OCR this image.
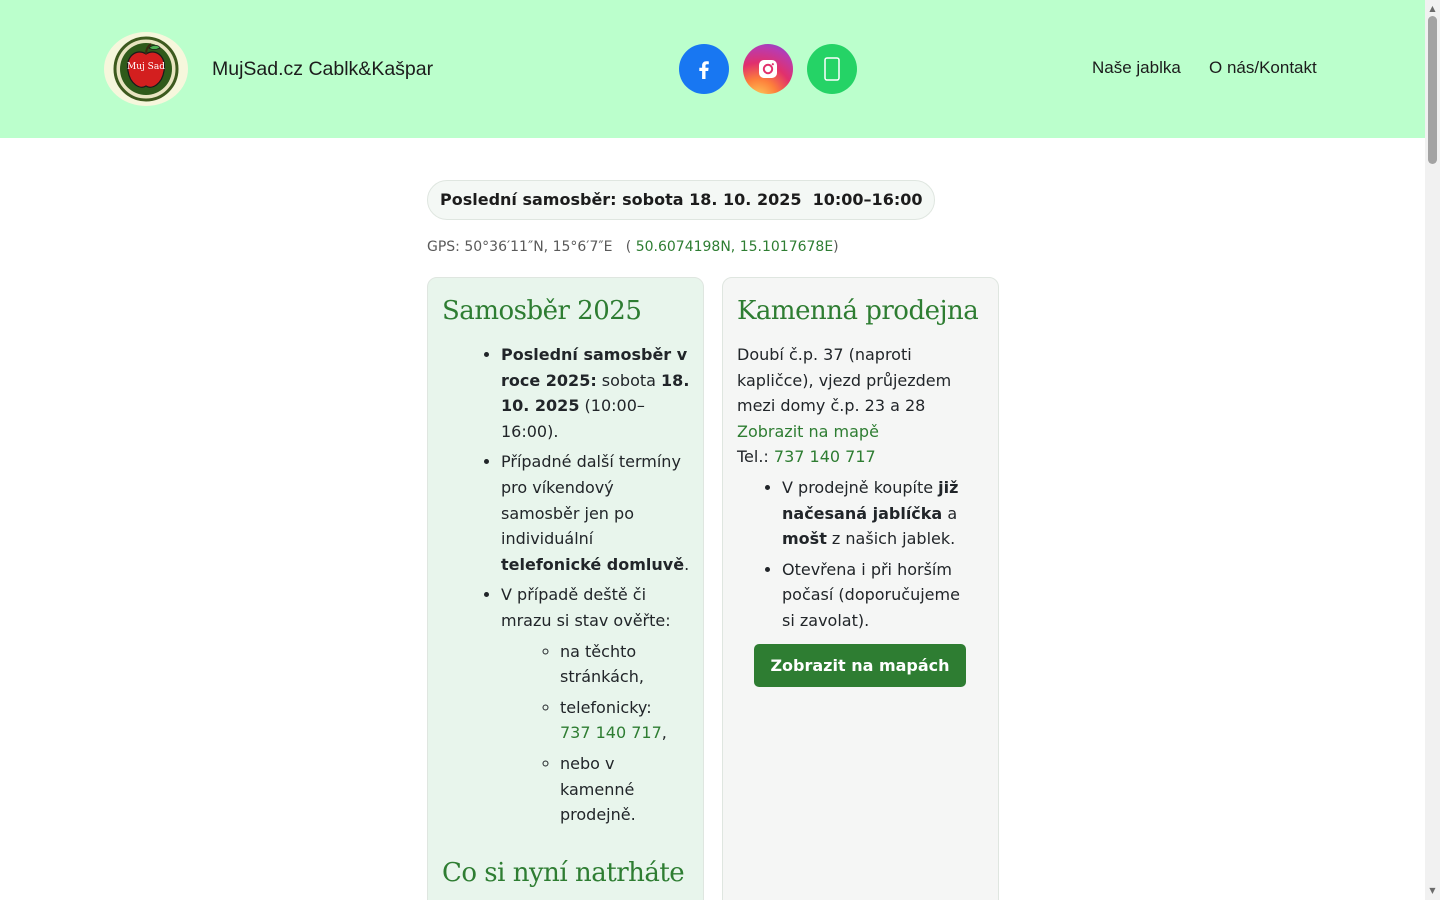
Muj Sad MujSad.cz Cablk&Kašpar	Naše jablka O nás/Kontakt
Poslední samosběr: sobota 18. 10. 2025  10:00–16:00
GPS: 50°36′11″N, 15°6′7″E   ( 50.6074198N, 15.1017678E)
Samosběr 2025
• Poslední samosběr v roce 2025: sobota 18. 10. 2025 (10:00–16:00).
• Případné další termíny pro víkendový samosběr jen po individuální telefonické domluvě.
• V případě deště či mrazu si stav ověřte:
◦ na těchto stránkách,
◦ telefonicky: 737 140 717,
◦ nebo v kamenné prodejně.
Co si nyní natrháte
Kamenná prodejna
Doubí č.p. 37 (naproti kapličce), vjezd průjezdem mezi domy č.p. 23 a 28
Zobrazit na mapě
Tel.: 737 140 717
• V prodejně koupíte již načesaná jablíčka a mošt z našich jablek.
• Otevřena i při horším počasí (doporučujeme si zavolat).
Zobrazit na mapách
▲
▼
